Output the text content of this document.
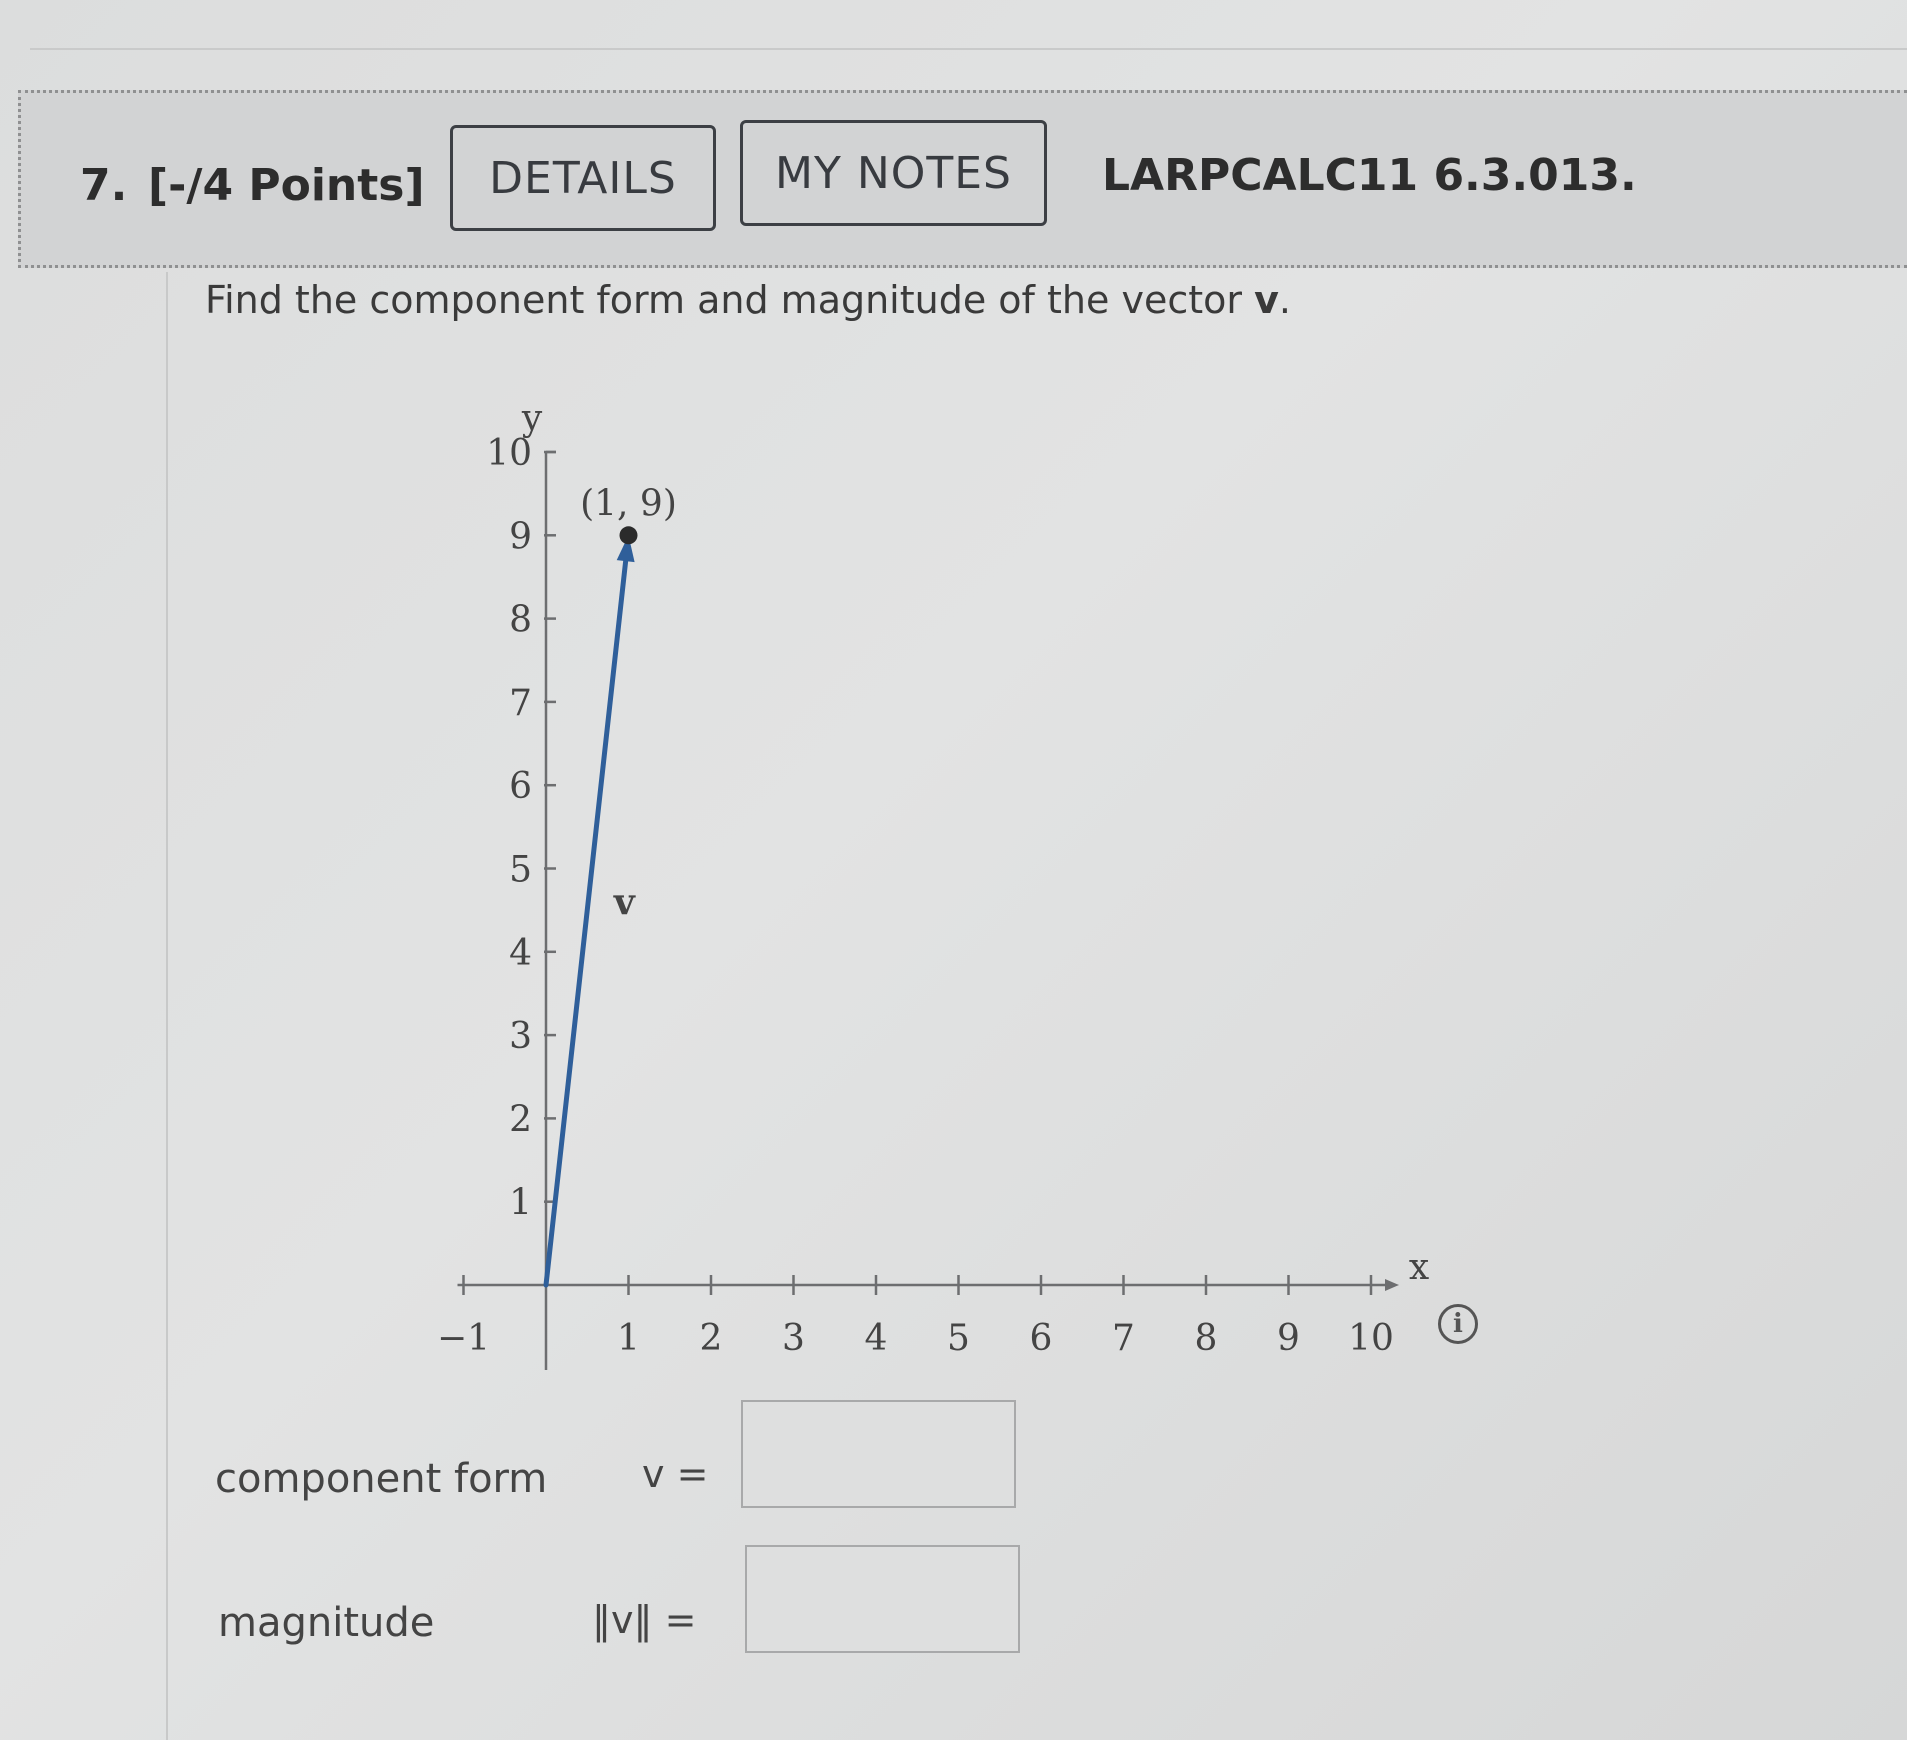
7. [-/4 Points]	DETAILS	MY NOTES	LARPCALC11 6.3.013.
Find the component form and magnitude of the vector v.
−1	1 2 3 4 5 6 7 8 9 10
1
2
3
4
5
6
7
8
9
10
x
y
(1, 9)
v
i
component form v =
magnitude	‖v‖ =
